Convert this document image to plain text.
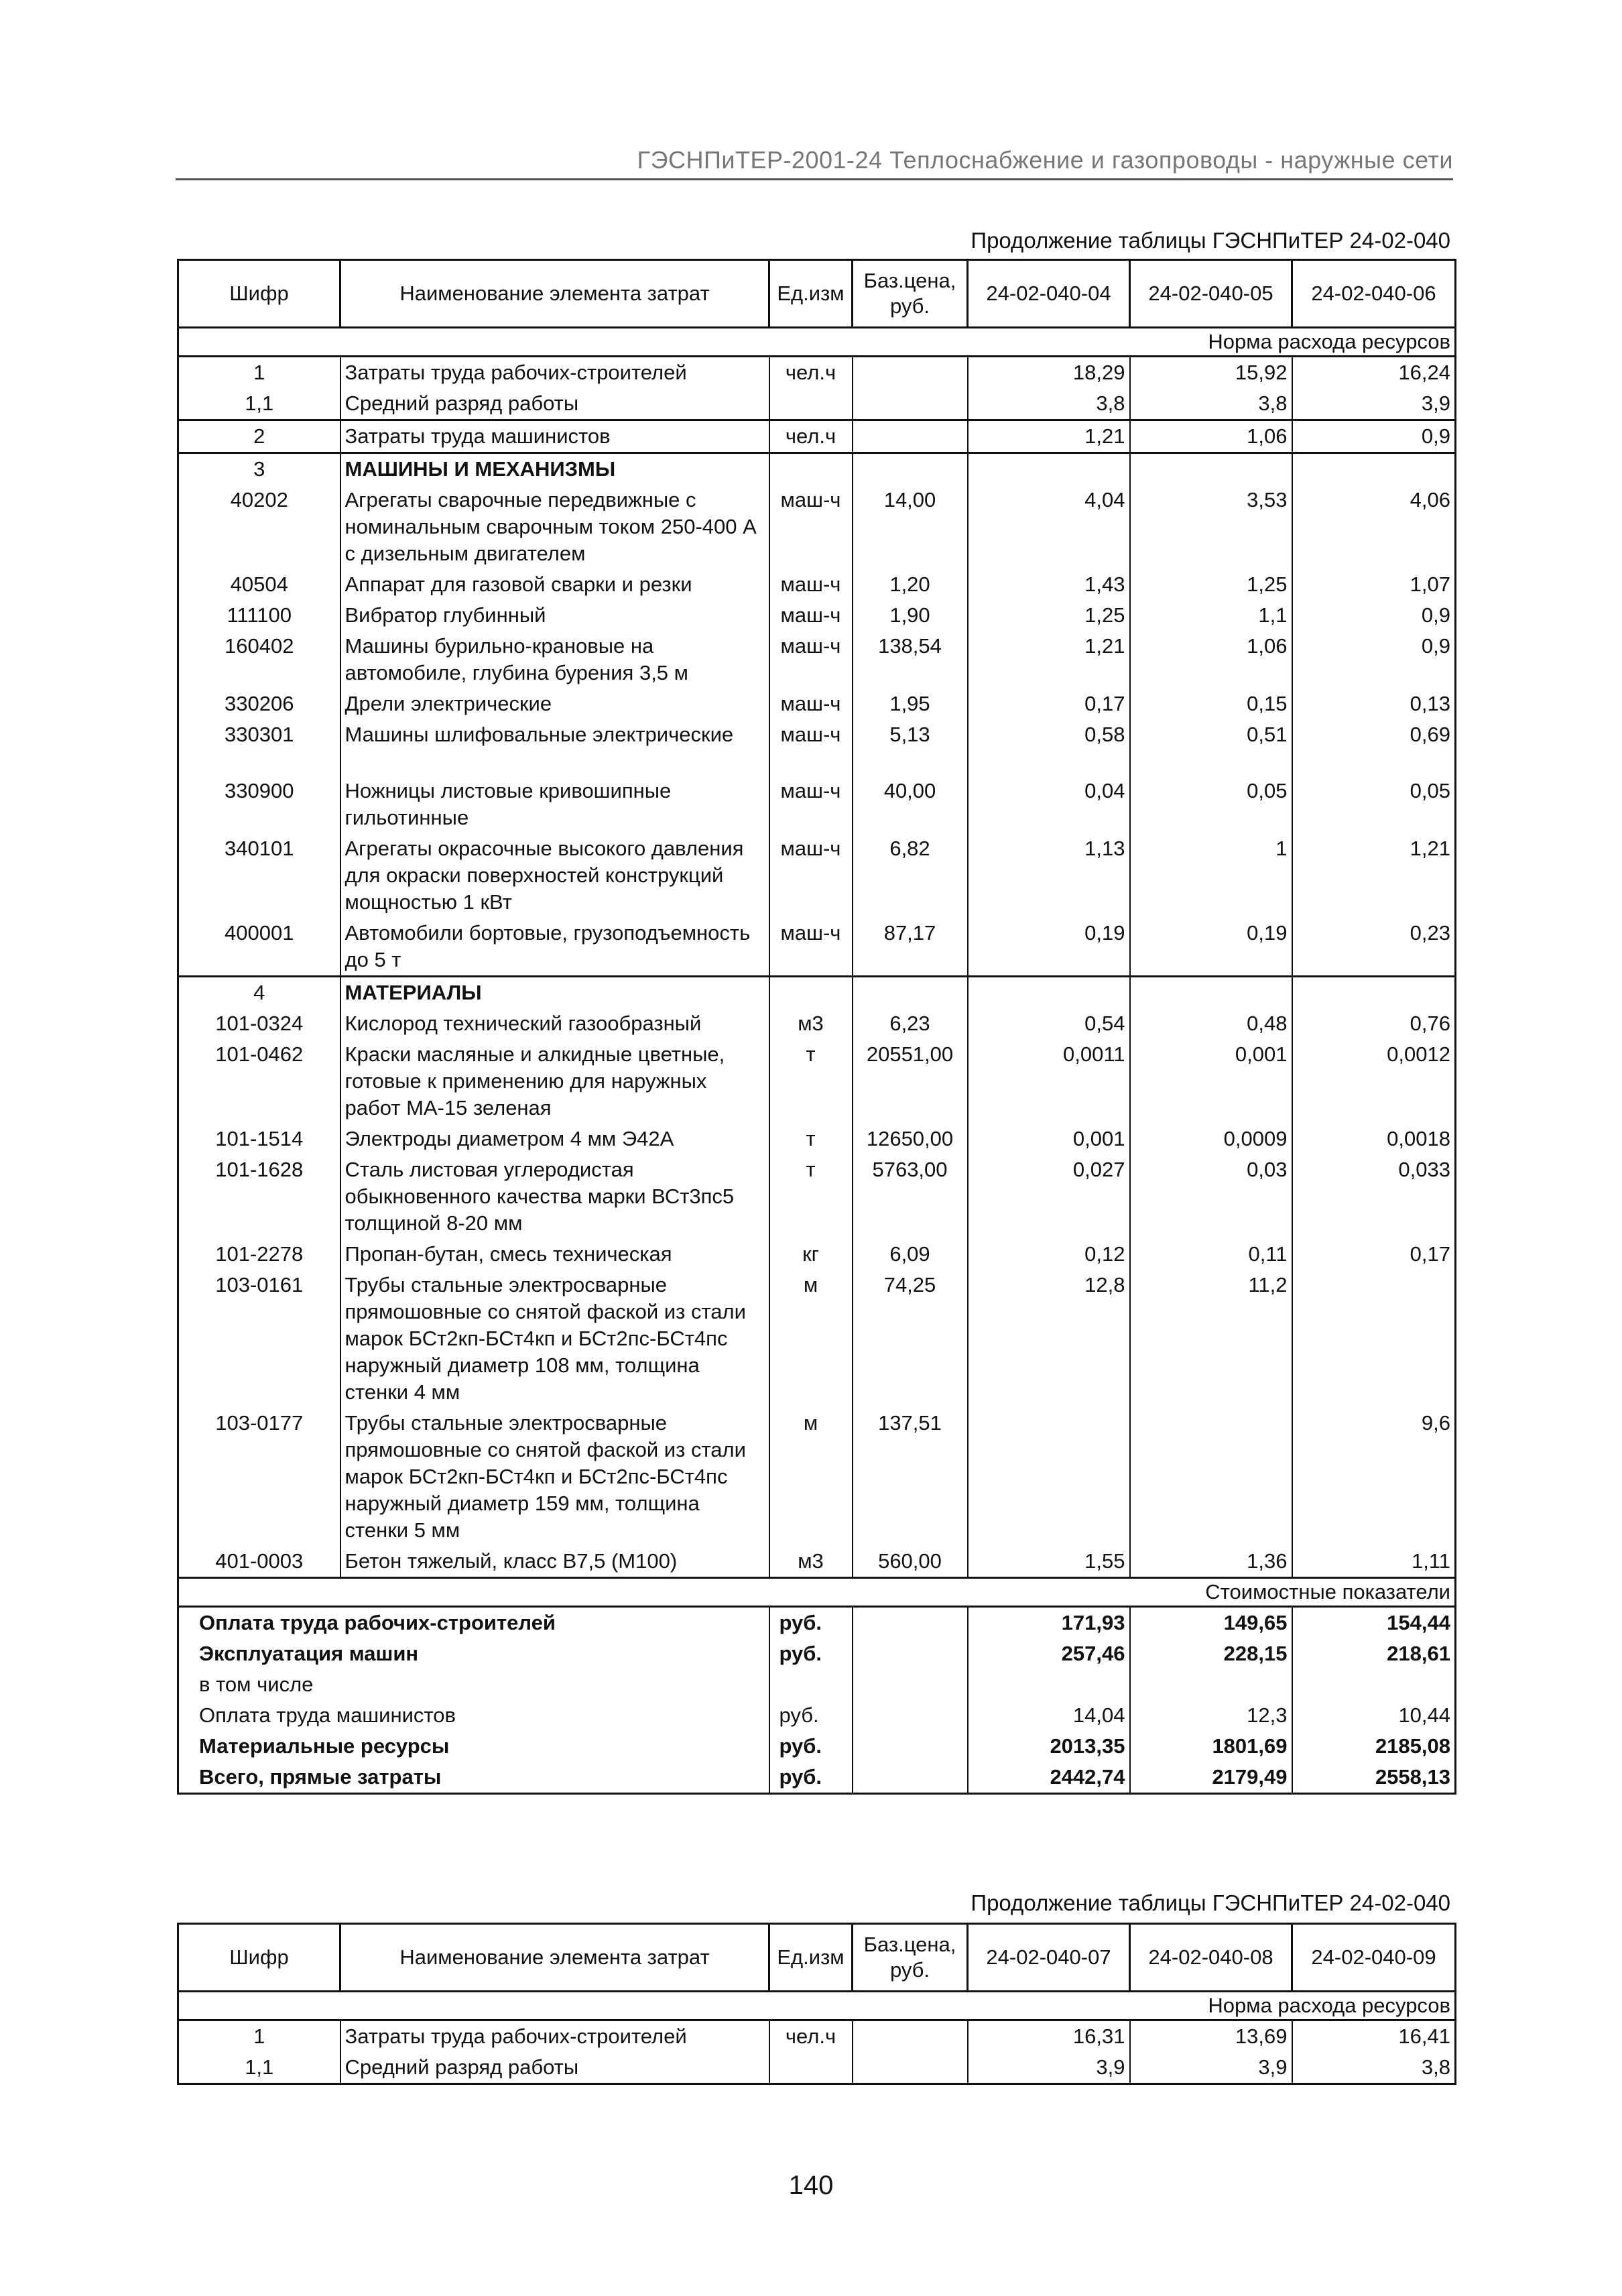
ГЭСНПиТЕР-2001-24 Теплоснабжение и газопроводы - наружные сети
Продолжение таблицы ГЭСНПиТЕР 24-02-040
Шифр	Наименование элемента затрат	Ед.изм	Баз.цена, руб.	24-02-040-04	24-02-040-05	24-02-040-06
Норма расхода ресурсов						
1	Затраты труда рабочих-строителей	чел.ч		18,29	15,92	16,24
1,1	Средний разряд работы			3,8	3,8	3,9
2	Затраты труда машинистов	чел.ч		1,21	1,06	0,9
3	МАШИНЫ И МЕХАНИЗМЫ					
40202	Агрегаты сварочные передвижные с номинальным сварочным током 250-400 А с дизельным двигателем	маш-ч	14,00	4,04	3,53	4,06
40504	Аппарат для газовой сварки и резки	маш-ч	1,20	1,43	1,25	1,07
111100	Вибратор глубинный	маш-ч	1,90	1,25	1,1	0,9
160402	Машины бурильно-крановые на автомобиле, глубина бурения 3,5 м	маш-ч	138,54	1,21	1,06	0,9
330206	Дрели электрические	маш-ч	1,95	0,17	0,15	0,13
330301	Машины шлифовальные электрические	маш-ч	5,13	0,58	0,51	0,69
330900	Ножницы листовые кривошипные гильотинные	маш-ч	40,00	0,04	0,05	0,05
340101	Агрегаты окрасочные высокого давления для окраски поверхностей конструкций мощностью 1 кВт	маш-ч	6,82	1,13	1	1,21
400001	Автомобили бортовые, грузоподъемность до 5 т	маш-ч	87,17	0,19	0,19	0,23
4	МАТЕРИАЛЫ					
101-0324	Кислород технический газообразный	м3	6,23	0,54	0,48	0,76
101-0462	Краски масляные и алкидные цветные, готовые к применению для наружных работ МА-15 зеленая	т	20551,00	0,0011	0,001	0,0012
101-1514	Электроды диаметром 4 мм Э42А	т	12650,00	0,001	0,0009	0,0018
101-1628	Сталь листовая углеродистая обыкновенного качества марки ВСт3пс5 толщиной 8-20 мм	т	5763,00	0,027	0,03	0,033
101-2278	Пропан-бутан, смесь техническая	кг	6,09	0,12	0,11	0,17
103-0161	Трубы стальные электросварные прямошовные со снятой фаской из стали марок БСт2кп-БСт4кп и БСт2пс-БСт4пс наружный диаметр 108 мм, толщина стенки 4 мм	м	74,25	12,8	11,2	
103-0177	Трубы стальные электросварные прямошовные со снятой фаской из стали марок БСт2кп-БСт4кп и БСт2пс-БСт4пс наружный диаметр 159 мм, толщина стенки 5 мм	м	137,51			9,6
401-0003	Бетон тяжелый, класс В7,5 (М100)	м3	560,00	1,55	1,36	1,11
Стоимостные показатели						
Оплата труда рабочих-строителей		руб.		171,93	149,65	154,44
Эксплуатация машин		руб.		257,46	228,15	218,61
в том числе						
Оплата труда машинистов		руб.		14,04	12,3	10,44
Материальные ресурсы		руб.		2013,35	1801,69	2185,08
Всего, прямые затраты		руб.		2442,74	2179,49	2558,13
Продолжение таблицы ГЭСНПиТЕР 24-02-040
Шифр	Наименование элемента затрат	Ед.изм	Баз.цена, руб.	24-02-040-07	24-02-040-08	24-02-040-09
Норма расхода ресурсов						
1	Затраты труда рабочих-строителей	чел.ч		16,31	13,69	16,41
1,1	Средний разряд работы			3,9	3,9	3,8
140
